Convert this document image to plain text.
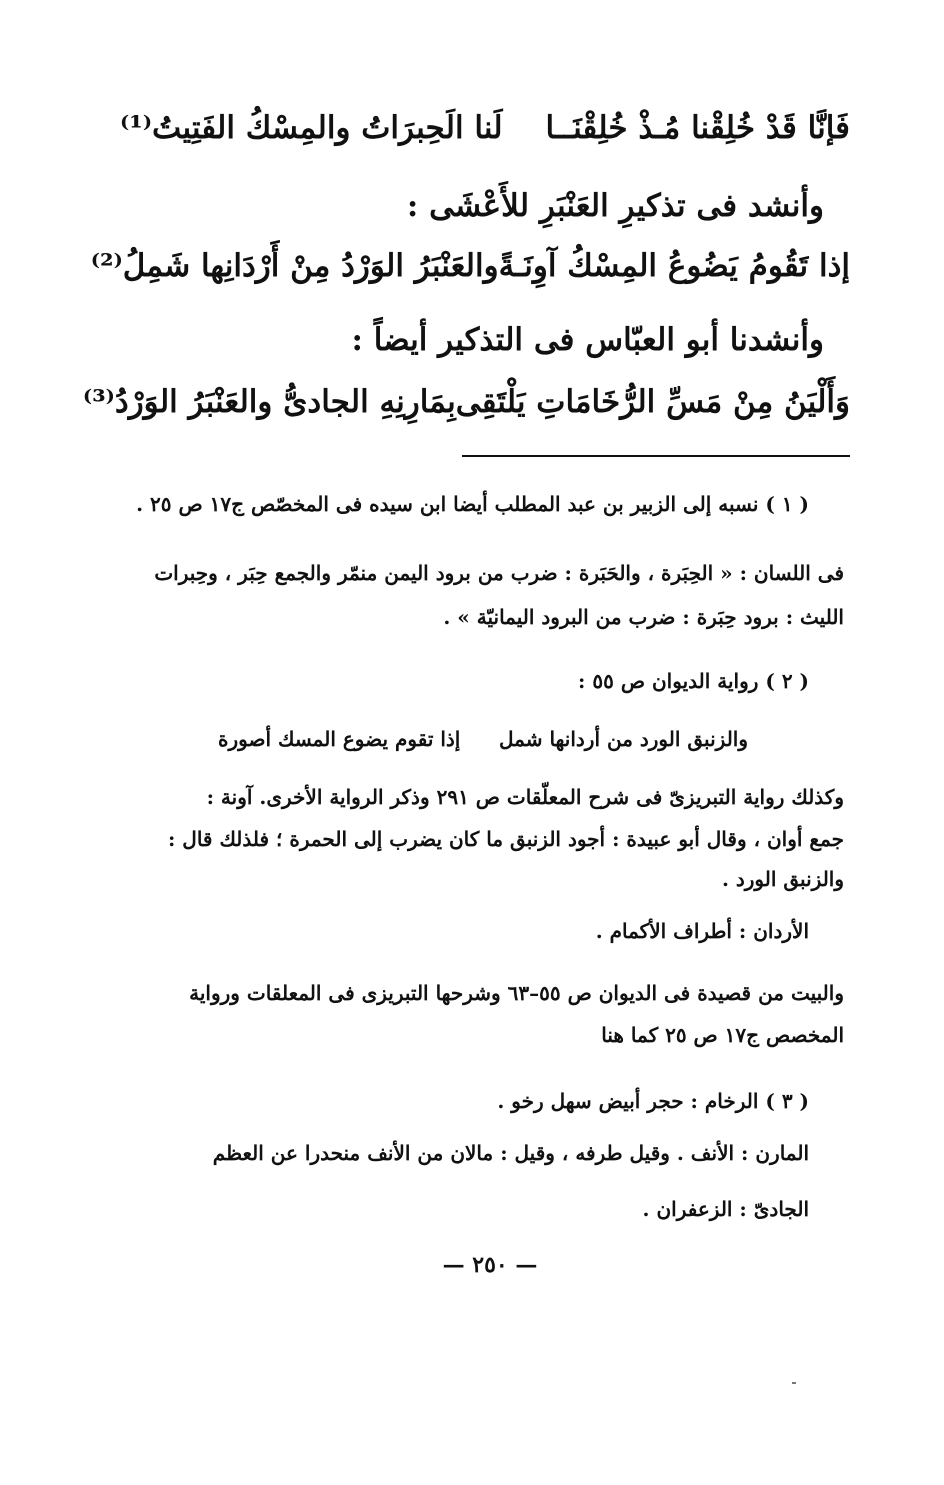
فَإنَّا قَدْ خُلِقْنا مُـذْ خُلِقْنَــا
لَنا الَحِبرَاتُ والمِسْكُ الفَتِيتُ⁽¹⁾
وأنشد فى تذكيرِ العَنْبَرِ للأَعْشَى :
إذا تَقُومُ يَضُوعُ المِسْكُ آوِنَـةً
والعَنْبَرُ الوَرْدُ مِنْ أَرْدَانِها شَمِلُ⁽²⁾
وأنشدنا أبو العبّاس فى التذكير أيضاً :
وَأَلْيَنُ مِنْ مَسِّ الرُّخَامَاتِ يَلْتَقِى
بِمَارِنِهِ الجادىُّ والعَنْبَرُ الوَرْدُ⁽³⁾
( ١ ) نسبه إلى الزبير بن عبد المطلب أيضا ابن سيده فى المخصّص ج١٧ ص ٢٥ .
فى اللسان : « الحِبَرة ، والحَبَرة : ضرب من برود اليمن منمّر والجمع حِبَر ، وحِبرات
الليث : برود حِبَرة : ضرب من البرود اليمانيّة » .
( ٢ ) رواية الديوان ص ٥٥ :
والزنبق الورد من أردانها شمل
إذا تقوم يضوع المسك أصورة
وكذلك رواية التبريزىّ فى شرح المعلّقات ص ٢٩١ وذكر الرواية الأخرى. آونة :
جمع أوان ، وقال أبو عبيدة : أجود الزنبق ما كان يضرب إلى الحمرة ؛ فلذلك قال :
والزنبق الورد .
الأردان : أطراف الأكمام .
والبيت من قصيدة فى الديوان ص ٥٥–٦٣ وشرحها التبريزى فى المعلقات ورواية
المخصص ج١٧ ص ٢٥ كما هنا
( ٣ ) الرخام : حجر أبيض سهل رخو .
المارن : الأنف . وقيل طرفه ، وقيل : مالان من الأنف منحدرا عن العظم
الجادىّ : الزعفران .
— ٢٥٠ —
